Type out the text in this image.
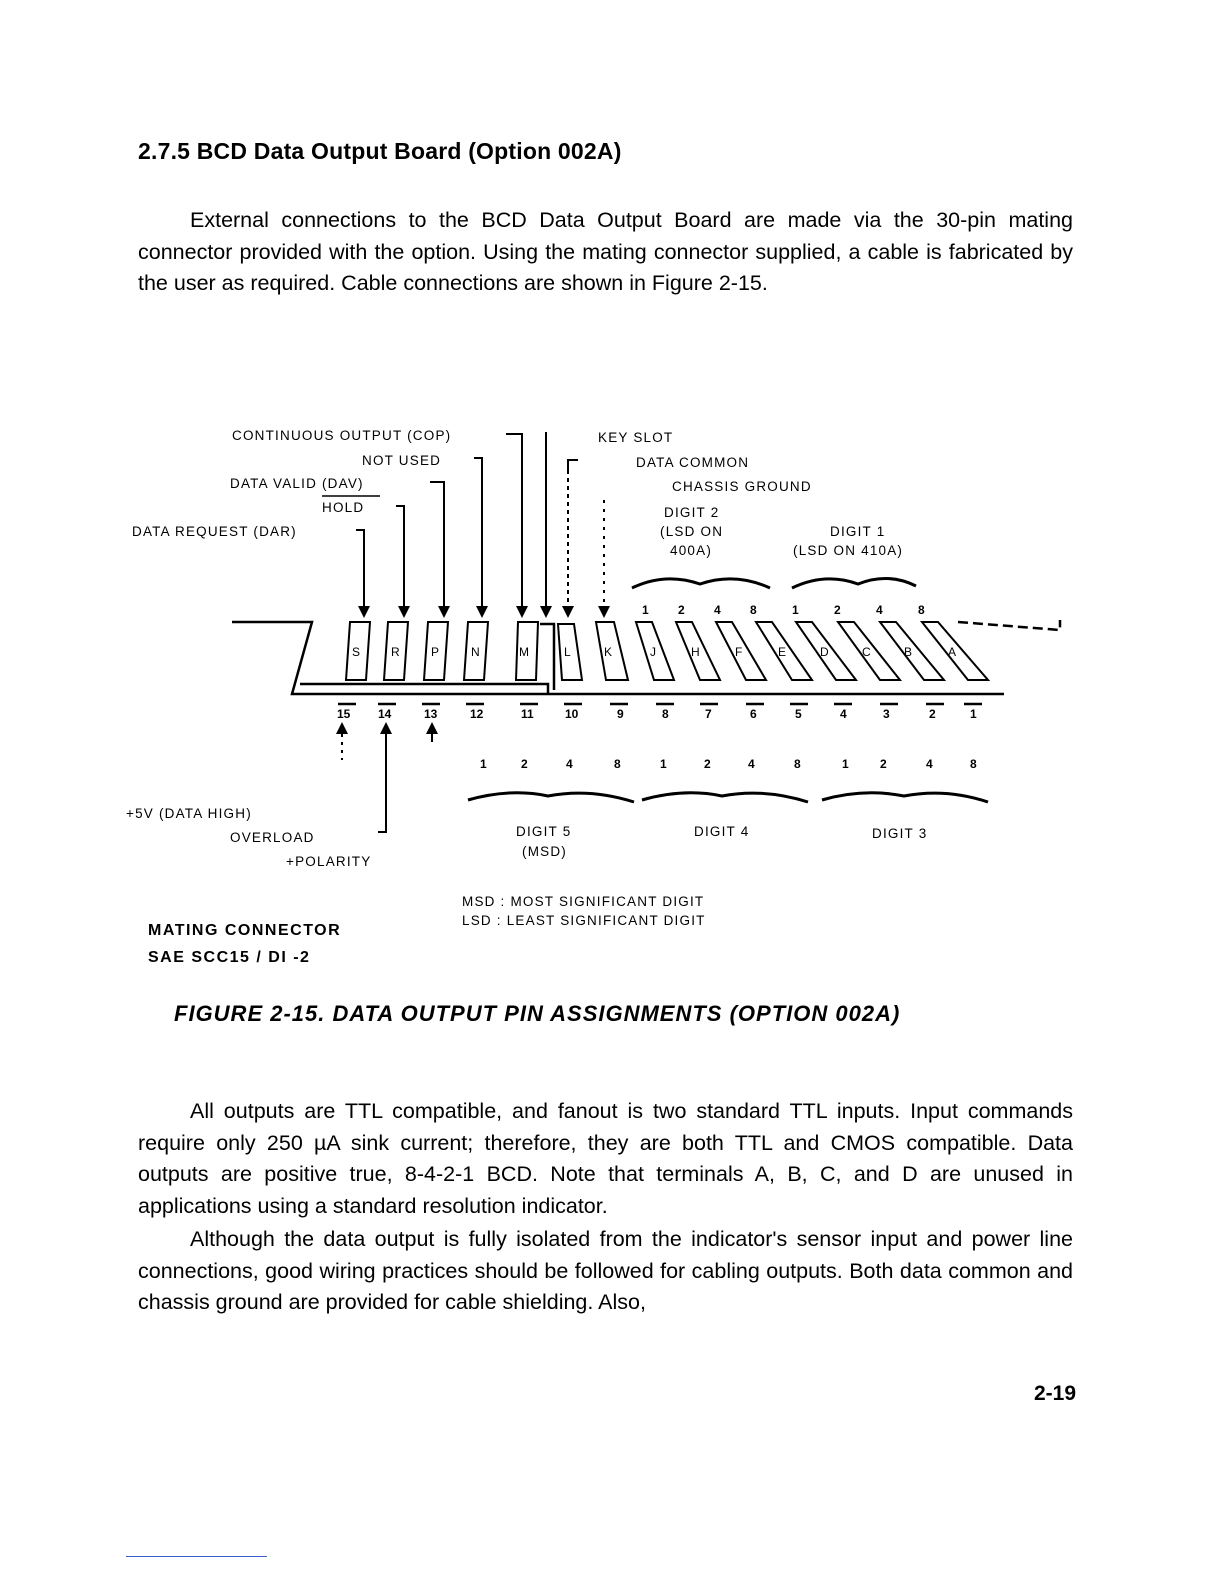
2.7.5 BCD Data Output Board (Option 002A)

External connections to the BCD Data Output Board are made via the 30-pin mating connector provided with the option. Using the mating connector supplied, a cable is fabricated by the user as required. Cable connections are shown in Figure 2-15.

CONTINUOUS OUTPUT (COP)
NOT USED
DATA VALID (DAV)
HOLD
DATA REQUEST (DAR)
KEY SLOT
DATA COMMON
CHASSIS GROUND
DIGIT 2
(LSD ON
400A)
DIGIT 1
(LSD ON 410A)
1 2 4 8	1	2	4	8
S	R	P	N	M	L	K	J	H	F	E	D	C	B	A
15 14	13	12	11	10	9	8	7	6	5	4	3	2	1
1	2	4	8	1	2	4	8	1	2	4	8
+5V (DATA HIGH)
OVERLOAD
+POLARITY
DIGIT 5
(MSD)
DIGIT 4	DIGIT 3
MSD : MOST SIGNIFICANT DIGIT
LSD : LEAST SIGNIFICANT DIGIT
MATING CONNECTOR
SAE SCC15 / DI -2

FIGURE 2-15. DATA OUTPUT PIN ASSIGNMENTS (OPTION 002A)

All outputs are TTL compatible, and fanout is two standard TTL inputs. Input commands require only 250 µA sink current; therefore, they are both TTL and CMOS compatible. Data outputs are positive true, 8-4-2-1 BCD. Note that terminals A, B, C, and D are unused in applications using a standard resolution indicator.

Although the data output is fully isolated from the indicator's sensor input and power line connections, good wiring practices should be followed for cabling outputs. Both data common and chassis ground are provided for cable shielding. Also,

2-19
